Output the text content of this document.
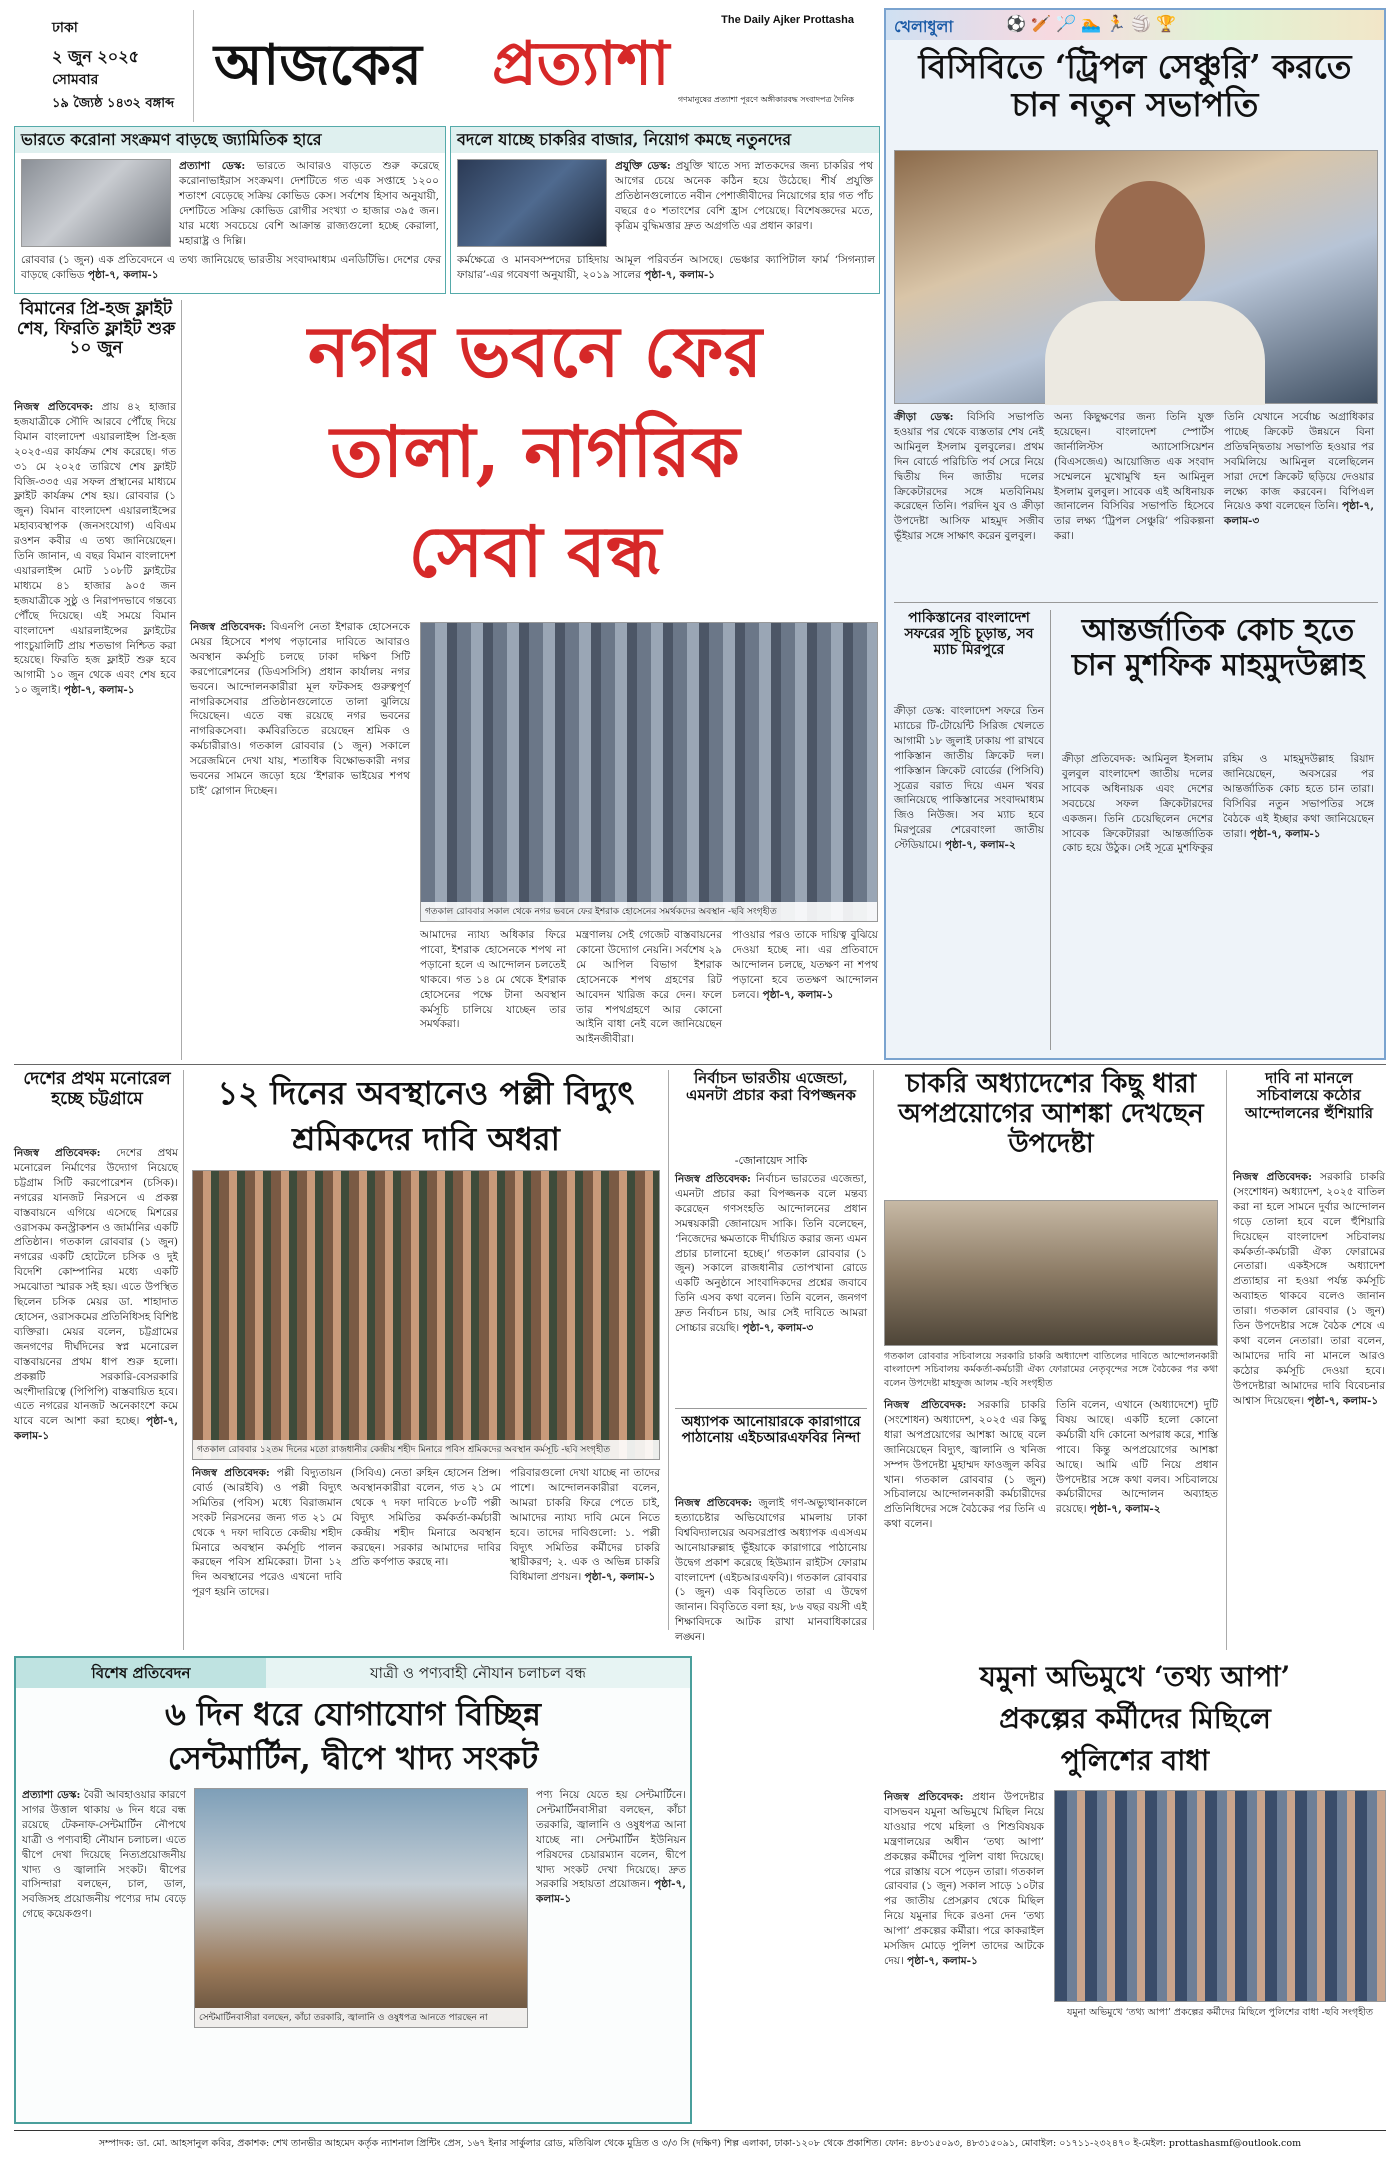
ঢাকা
২ জুন ২০২৫
সোমবার
১৯ জ্যৈষ্ঠ ১৪৩২ বঙ্গাব্দ
আজকের প্রত্যাশা
The Daily Ajker Prottasha
গণমানুষের প্রত্যাশা পূরণে অঙ্গীকারবদ্ধ সংবাদপত্র দৈনিক
ভারতে করোনা সংক্রমণ বাড়ছে জ্যামিতিক হারে
প্রত্যাশা ডেস্ক: ভারতে আবারও বাড়তে শুরু করেছে করোনাভাইরাস সংক্রমণ। দেশটিতে গত এক সপ্তাহে ১২০০ শতাংশ বেড়েছে সক্রিয় কোভিড কেস। সর্বশেষ হিসাব অনুযায়ী, দেশটিতে সক্রিয় কোভিড রোগীর সংখ্যা ৩ হাজার ৩৯৫ জন। যার মধ্যে সবচেয়ে বেশি আক্রান্ত রাজ্যগুলো হচ্ছে কেরালা, মহারাষ্ট্র ও দিল্লি।
রোববার (১ জুন) এক প্রতিবেদনে এ তথ্য জানিয়েছে ভারতীয় সংবাদমাধ্যম এনডিটিভি। দেশের ফের বাড়ছে কোভিড পৃষ্ঠা-৭, কলাম-১
বদলে যাচ্ছে চাকরির বাজার, নিয়োগ কমছে নতুনদের
প্রযুক্তি ডেস্ক: প্রযুক্তি খাতে সদ্য স্নাতকদের জন্য চাকরির পথ আগের চেয়ে অনেক কঠিন হয়ে উঠেছে। শীর্ষ প্রযুক্তি প্রতিষ্ঠানগুলোতে নবীন পেশাজীবীদের নিয়োগের হার গত পাঁচ বছরে ৫০ শতাংশের বেশি হ্রাস পেয়েছে। বিশেষজ্ঞদের মতে, কৃত্রিম বুদ্ধিমত্তার দ্রুত অগ্রগতি এর প্রধান কারণ।
কর্মক্ষেত্রে ও মানবসম্পদের চাহিদায় আমূল পরিবর্তন আসছে। ভেঞ্চার ক্যাপিটাল ফার্ম ‘সিগন্যাল ফায়ার’-এর গবেষণা অনুযায়ী, ২০১৯ সালের পৃষ্ঠা-৭, কলাম-১
খেলাধুলা	⚽ 🏏 🏸 🏊 🏃 🏐 🏆
বিসিবিতে ‘ট্রিপল সেঞ্চুরি’ করতে চান নতুন সভাপতি
ক্রীড়া ডেস্ক: বিসিবি সভাপতি হওয়ার পর থেকে ব্যস্ততার শেষ নেই আমিনুল ইসলাম বুলবুলের। প্রথম দিন বোর্ডে পরিচিতি পর্ব সেরে নিয়ে দ্বিতীয় দিন জাতীয় দলের ক্রিকেটারদের সঙ্গে মতবিনিময় করেছেন তিনি। পরদিন যুব ও ক্রীড়া উপদেষ্টা আসিফ মাহমুদ সজীব ভূঁইয়ার সঙ্গে সাক্ষাৎ করেন বুলবুল।
অন্য কিছুক্ষণের জন্য তিনি যুক্ত হয়েছেন। বাংলাদেশ স্পোর্টস জার্নালিস্টস অ্যাসোসিয়েশন (বিএসজেএ) আয়োজিত এক সংবাদ সম্মেলনে মুখোমুখি হন আমিনুল ইসলাম বুলবুল। সাবেক এই অধিনায়ক জানালেন বিসিবির সভাপতি হিসেবে তার লক্ষ্য ‘ট্রিপল সেঞ্চুরি’ পরিকল্পনা করা।
তিনি যেখানে সর্বোচ্চ অগ্রাধিকার পাচ্ছে ক্রিকেট উন্নয়নে বিনা প্রতিদ্বন্দ্বিতায় সভাপতি হওয়ার পর সবমিলিয়ে আমিনুল বলেছিলেন সারা দেশে ক্রিকেট ছড়িয়ে দেওয়ার লক্ষ্যে কাজ করবেন। বিপিএল নিয়েও কথা বলেছেন তিনি। পৃষ্ঠা-৭, কলাম-৩
পাকিস্তানের বাংলাদেশ সফরের সূচি চূড়ান্ত, সব ম্যাচ মিরপুরে
ক্রীড়া ডেস্ক: বাংলাদেশ সফরে তিন ম্যাচের টি-টোয়েন্টি সিরিজ খেলতে আগামী ১৮ জুলাই ঢাকায় পা রাখবে পাকিস্তান জাতীয় ক্রিকেট দল। পাকিস্তান ক্রিকেট বোর্ডের (পিসিবি) সূত্রের বরাত দিয়ে এমন খবর জানিয়েছে পাকিস্তানের সংবাদমাধ্যম জিও নিউজ। সব ম্যাচ হবে মিরপুরের শেরেবাংলা জাতীয় স্টেডিয়ামে। পৃষ্ঠা-৭, কলাম-২
আন্তর্জাতিক কোচ হতে চান মুশফিক মাহমুদউল্লাহ
ক্রীড়া প্রতিবেদক: আমিনুল ইসলাম বুলবুল বাংলাদেশ জাতীয় দলের সাবেক অধিনায়ক এবং দেশের সবচেয়ে সফল ক্রিকেটারদের একজন। তিনি চেয়েছিলেন দেশের সাবেক ক্রিকেটাররা আন্তর্জাতিক কোচ হয়ে উঠুক। সেই সূত্রে মুশফিকুর রহিম ও মাহমুদউল্লাহ রিয়াদ জানিয়েছেন, অবসরের পর আন্তর্জাতিক কোচ হতে চান তারা। বিসিবির নতুন সভাপতির সঙ্গে বৈঠকে এই ইচ্ছার কথা জানিয়েছেন তারা। পৃষ্ঠা-৭, কলাম-১
বিমানের প্রি-হজ ফ্লাইট শেষ, ফিরতি ফ্লাইট শুরু ১০ জুন
নিজস্ব প্রতিবেদক: প্রায় ৪২ হাজার হজযাত্রীকে সৌদি আরবে পৌঁছে দিয়ে বিমান বাংলাদেশ এয়ারলাইন্স প্রি-হজ ২০২৫-এর কার্যক্রম শেষ করেছে। গত ৩১ মে ২০২৫ তারিখে শেষ ফ্লাইট বিজি-৩৩৫ এর সফল প্রস্থানের মাধ্যমে ফ্লাইট কার্যক্রম শেষ হয়। রোববার (১ জুন) বিমান বাংলাদেশ এয়ারলাইন্সের মহাব্যবস্থাপক (জনসংযোগ) এবিএম রওশন কবীর এ তথ্য জানিয়েছেন। তিনি জানান, এ বছর বিমান বাংলাদেশ এয়ারলাইন্স মোট ১০৮টি ফ্লাইটের মাধ্যমে ৪১ হাজার ৯০৫ জন হজযাত্রীকে সুষ্ঠু ও নিরাপদভাবে গন্তব্যে পৌঁছে দিয়েছে। এই সময়ে বিমান বাংলাদেশ এয়ারলাইন্সের ফ্লাইটের পাংচুয়ালিটি প্রায় শতভাগ নিশ্চিত করা হয়েছে। ফিরতি হজ ফ্লাইট শুরু হবে আগামী ১০ জুন থেকে এবং শেষ হবে ১০ জুলাই। পৃষ্ঠা-৭, কলাম-১
নগর ভবনে ফের
তালা, নাগরিক
সেবা বন্ধ
নিজস্ব প্রতিবেদক: বিএনপি নেতা ইশরাক হোসেনকে মেয়র হিসেবে শপথ পড়ানোর দাবিতে আবারও অবস্থান কর্মসূচি চলছে ঢাকা দক্ষিণ সিটি করপোরেশনের (ডিএসসিসি) প্রধান কার্যালয় নগর ভবনে। আন্দোলনকারীরা মূল ফটকসহ গুরুত্বপূর্ণ নাগরিকসেবার প্রতিষ্ঠানগুলোতে তালা ঝুলিয়ে দিয়েছেন। এতে বন্ধ রয়েছে নগর ভবনের নাগরিকসেবা। কর্মবিরতিতে রয়েছেন শ্রমিক ও কর্মচারীরাও। গতকাল রোববার (১ জুন) সকালে সরেজমিনে দেখা যায়, শতাধিক বিক্ষোভকারী নগর ভবনের সামনে জড়ো হয়ে ‘ইশরাক ভাইয়ের শপথ চাই’ স্লোগান দিচ্ছেন।
গতকাল রোববার সকাল থেকে নগর ভবনে ফের ইশরাক হোসেনের সমর্থকদের অবস্থান -ছবি সংগৃহীত
আমাদের ন্যায্য অধিকার ফিরে পাবো, ইশরাক হোসেনকে শপথ না পড়ানো হলে এ আন্দোলন চলতেই থাকবে। গত ১৪ মে থেকে ইশরাক হোসেনের পক্ষে টানা অবস্থান কর্মসূচি চালিয়ে যাচ্ছেন তার সমর্থকরা।
মন্ত্রণালয় সেই গেজেট বাস্তবায়নের কোনো উদ্যোগ নেয়নি। সর্বশেষ ২৯ মে আপিল বিভাগ ইশরাক হোসেনকে শপথ গ্রহণের রিট আবেদন খারিজ করে দেন। ফলে তার শপথগ্রহণে আর কোনো আইনি বাধা নেই বলে জানিয়েছেন আইনজীবীরা।
পাওয়ার পরও তাকে দায়িত্ব বুঝিয়ে দেওয়া হচ্ছে না। এর প্রতিবাদে আন্দোলন চলছে, যতক্ষণ না শপথ পড়ানো হবে ততক্ষণ আন্দোলন চলবে। পৃষ্ঠা-৭, কলাম-১
দেশের প্রথম মনোরেল হচ্ছে চট্টগ্রামে
নিজস্ব প্রতিবেদক: দেশের প্রথম মনোরেল নির্মাণের উদ্যোগ নিয়েছে চট্টগ্রাম সিটি করপোরেশন (চসিক)। নগরের যানজট নিরসনে এ প্রকল্প বাস্তবায়নে এগিয়ে এসেছে মিশরের ওরাসকম কনস্ট্রাকশন ও জার্মানির একটি প্রতিষ্ঠান। গতকাল রোববার (১ জুন) নগরের একটি হোটেলে চসিক ও দুই বিদেশি কোম্পানির মধ্যে একটি সমঝোতা স্মারক সই হয়। এতে উপস্থিত ছিলেন চসিক মেয়র ডা. শাহাদাত হোসেন, ওরাসকমের প্রতিনিধিসহ বিশিষ্ট ব্যক্তিরা। মেয়র বলেন, চট্টগ্রামের জনগণের দীর্ঘদিনের স্বপ্ন মনোরেল বাস্তবায়নের প্রথম ধাপ শুরু হলো। প্রকল্পটি সরকারি-বেসরকারি অংশীদারিত্বে (পিপিপি) বাস্তবায়িত হবে। এতে নগরের যানজট অনেকাংশে কমে যাবে বলে আশা করা হচ্ছে। পৃষ্ঠা-৭, কলাম-১
১২ দিনের অবস্থানেও পল্লী বিদ্যুৎ
শ্রমিকদের দাবি অধরা
গতকাল রোববার ১২তম দিনের মতো রাজধানীর কেন্দ্রীয় শহীদ মিনারে পবিস শ্রমিকদের অবস্থান কর্মসূচি -ছবি সংগৃহীত
নিজস্ব প্রতিবেদক: পল্লী বিদ্যুতায়ন বোর্ড (আরইবি) ও পল্লী বিদ্যুৎ সমিতির (পবিস) মধ্যে বিরাজমান সংকট নিরসনের জন্য গত ২১ মে থেকে ৭ দফা দাবিতে কেন্দ্রীয় শহীদ মিনারে অবস্থান কর্মসূচি পালন করছেন পবিস শ্রমিকেরা। টানা ১২ দিন অবস্থানের পরেও এখনো দাবি পূরণ হয়নি তাদের।
(সিবিএ) নেতা রুহিন হোসেন প্রিন্স। অবস্থানকারীরা বলেন, গত ২১ মে থেকে ৭ দফা দাবিতে ৮০টি পল্লী বিদ্যুৎ সমিতির কর্মকর্তা-কর্মচারী কেন্দ্রীয় শহীদ মিনারে অবস্থান করছেন। সরকার আমাদের দাবির প্রতি কর্ণপাত করছে না।
পরিবারগুলো দেখা যাচ্ছে না তাদের পাশে। আন্দোলনকারীরা বলেন, আমরা চাকরি ফিরে পেতে চাই, আমাদের ন্যায্য দাবি মেনে নিতে হবে। তাদের দাবিগুলো: ১. পল্লী বিদ্যুৎ সমিতির কর্মীদের চাকরি স্থায়ীকরণ; ২. এক ও অভিন্ন চাকরি বিধিমালা প্রণয়ন। পৃষ্ঠা-৭, কলাম-১
নির্বাচন ভারতীয় এজেন্ডা, এমনটা প্রচার করা বিপজ্জনক
-জোনায়েদ সাকি
নিজস্ব প্রতিবেদক: নির্বাচন ভারতের এজেন্ডা, এমনটা প্রচার করা বিপজ্জনক বলে মন্তব্য করেছেন গণসংহতি আন্দোলনের প্রধান সমন্বয়কারী জোনায়েদ সাকি। তিনি বলেছেন, ‘নিজেদের ক্ষমতাকে দীর্ঘায়িত করার জন্য এমন প্রচার চালানো হচ্ছে।’ গতকাল রোববার (১ জুন) সকালে রাজধানীর তোপখানা রোডে একটি অনুষ্ঠানে সাংবাদিকদের প্রশ্নের জবাবে তিনি এসব কথা বলেন। তিনি বলেন, জনগণ দ্রুত নির্বাচন চায়, আর সেই দাবিতে আমরা সোচ্চার রয়েছি। পৃষ্ঠা-৭, কলাম-৩
অধ্যাপক আনোয়ারকে কারাগারে পাঠানোয় এইচআরএফবির নিন্দা
নিজস্ব প্রতিবেদক: জুলাই গণ-অভ্যুত্থানকালে হত্যাচেষ্টার অভিযোগের মামলায় ঢাকা বিশ্ববিদ্যালয়ের অবসরপ্রাপ্ত অধ্যাপক এএসএম আনোয়ারুল্লাহ ভূঁইয়াকে কারাগারে পাঠানোয় উদ্বেগ প্রকাশ করেছে হিউম্যান রাইটস ফোরাম বাংলাদেশ (এইচআরএফবি)। গতকাল রোববার (১ জুন) এক বিবৃতিতে তারা এ উদ্বেগ জানান। বিবৃতিতে বলা হয়, ৮৬ বছর বয়সী এই শিক্ষাবিদকে আটক রাখা মানবাধিকারের লঙ্ঘন।
চাকরি অধ্যাদেশের কিছু ধারা অপপ্রয়োগের আশঙ্কা দেখছেন উপদেষ্টা
গতকাল রোববার সচিবালয়ে সরকারি চাকরি অধ্যাদেশ বাতিলের দাবিতে আন্দোলনকারী বাংলাদেশ সচিবালয় কর্মকর্তা-কর্মচারী ঐক্য ফোরামের নেতৃবৃন্দের সঙ্গে বৈঠকের পর কথা বলেন উপদেষ্টা মাহফুজ আলম -ছবি সংগৃহীত
নিজস্ব প্রতিবেদক: সরকারি চাকরি (সংশোধন) অধ্যাদেশ, ২০২৫ এর কিছু ধারা অপপ্রয়োগের আশঙ্কা আছে বলে জানিয়েছেন বিদ্যুৎ, জ্বালানি ও খনিজ সম্পদ উপদেষ্টা মুহাম্মদ ফাওজুল কবির খান। গতকাল রোববার (১ জুন) সচিবালয়ে আন্দোলনকারী কর্মচারীদের প্রতিনিধিদের সঙ্গে বৈঠকের পর তিনি এ কথা বলেন।
তিনি বলেন, এখানে (অধ্যাদেশে) দুটি বিষয় আছে। একটি হলো কোনো কর্মচারী যদি কোনো অপরাধ করে, শাস্তি পাবে। কিন্তু অপপ্রয়োগের আশঙ্কা আছে। আমি এটি নিয়ে প্রধান উপদেষ্টার সঙ্গে কথা বলব। সচিবালয়ে কর্মচারীদের আন্দোলন অব্যাহত রয়েছে। পৃষ্ঠা-৭, কলাম-২
দাবি না মানলে সচিবালয়ে কঠোর আন্দোলনের হুঁশিয়ারি
নিজস্ব প্রতিবেদক: সরকারি চাকরি (সংশোধন) অধ্যাদেশ, ২০২৫ বাতিল করা না হলে সামনে দুর্বার আন্দোলন গড়ে তোলা হবে বলে হুঁশিয়ারি দিয়েছেন বাংলাদেশ সচিবালয় কর্মকর্তা-কর্মচারী ঐক্য ফোরামের নেতারা। একইসঙ্গে অধ্যাদেশ প্রত্যাহার না হওয়া পর্যন্ত কর্মসূচি অব্যাহত থাকবে বলেও জানান তারা। গতকাল রোববার (১ জুন) তিন উপদেষ্টার সঙ্গে বৈঠক শেষে এ কথা বলেন নেতারা। তারা বলেন, আমাদের দাবি না মানলে আরও কঠোর কর্মসূচি দেওয়া হবে। উপদেষ্টারা আমাদের দাবি বিবেচনার আশ্বাস দিয়েছেন। পৃষ্ঠা-৭, কলাম-১
বিশেষ প্রতিবেদন	যাত্রী ও পণ্যবাহী নৌযান চলাচল বন্ধ
৬ দিন ধরে যোগাযোগ বিচ্ছিন্ন
সেন্টমার্টিন, দ্বীপে খাদ্য সংকট
প্রত্যাশা ডেস্ক: বৈরী আবহাওয়ার কারণে সাগর উত্তাল থাকায় ৬ দিন ধরে বন্ধ রয়েছে টেকনাফ-সেন্টমার্টিন নৌপথে যাত্রী ও পণ্যবাহী নৌযান চলাচল। এতে দ্বীপে দেখা দিয়েছে নিত্যপ্রয়োজনীয় খাদ্য ও জ্বালানি সংকট। দ্বীপের বাসিন্দারা বলছেন, চাল, ডাল, সবজিসহ প্রয়োজনীয় পণ্যের দাম বেড়ে গেছে কয়েকগুণ।
সেন্টমার্টিনবাসীরা বলছেন, কাঁচা তরকারি, জ্বালানি ও ওষুধপত্র আনতে পারছেন না
পণ্য নিয়ে যেতে হয় সেন্টমার্টিনে। সেন্টমার্টিনবাসীরা বলছেন, কাঁচা তরকারি, জ্বালানি ও ওষুধপত্র আনা যাচ্ছে না। সেন্টমার্টিন ইউনিয়ন পরিষদের চেয়ারম্যান বলেন, দ্বীপে খাদ্য সংকট দেখা দিয়েছে। দ্রুত সরকারি সহায়তা প্রয়োজন। পৃষ্ঠা-৭, কলাম-১
যমুনা অভিমুখে ‘তথ্য আপা’
প্রকল্পের কর্মীদের মিছিলে
পুলিশের বাধা
নিজস্ব প্রতিবেদক: প্রধান উপদেষ্টার বাসভবন যমুনা অভিমুখে মিছিল নিয়ে যাওয়ার পথে মহিলা ও শিশুবিষয়ক মন্ত্রণালয়ের অধীন ‘তথ্য আপা’ প্রকল্পের কর্মীদের পুলিশ বাধা দিয়েছে। পরে রাস্তায় বসে পড়েন তারা। গতকাল রোববার (১ জুন) সকাল সাড়ে ১০টার পর জাতীয় প্রেসক্লাব থেকে মিছিল নিয়ে যমুনার দিকে রওনা দেন ‘তথ্য আপা’ প্রকল্পের কর্মীরা। পরে কাকরাইল মসজিদ মোড়ে পুলিশ তাদের আটকে দেয়। পৃষ্ঠা-৭, কলাম-১
যমুনা অভিমুখে ‘তথ্য আপা’ প্রকল্পের কর্মীদের মিছিলে পুলিশের বাধা -ছবি সংগৃহীত
সম্পাদক: ডা. মো. আহসানুল কবির, প্রকাশক: শেখ তানভীর আহমেদ কর্তৃক ন্যাশনাল প্রিন্টিং প্রেস, ১৬৭ ইনার সার্কুলার রোড, মতিঝিল থেকে মুদ্রিত ও ৩/৩ সি (দক্ষিণ) শিল্প এলাকা, ঢাকা-১২০৮ থেকে প্রকাশিত। ফোন: ৪৮৩১৫০৯৩, ৪৮৩১৫০৯১, মোবাইল: ০১৭১১-২৩২৪৭০ ই-মেইল: prottashasmf@outlook.com
